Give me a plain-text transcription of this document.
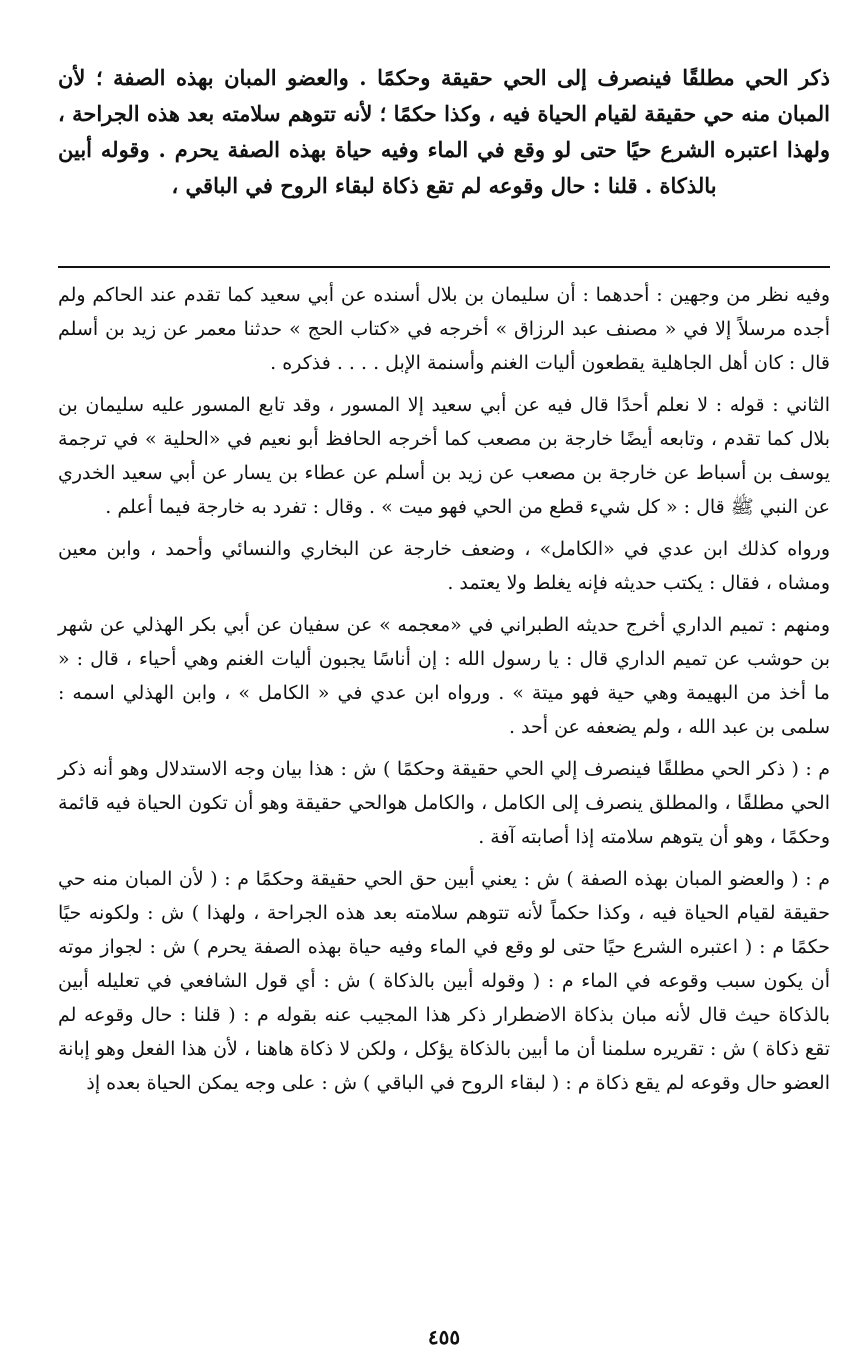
ذكر الحي مطلقًا فينصرف إلى الحي حقيقة وحكمًا . والعضو المبان بهذه الصفة ؛ لأن المبان منه حي حقيقة لقيام الحياة فيه ، وكذا حكمًا ؛ لأنه تتوهم سلامته بعد هذه الجراحة ، ولهذا اعتبره الشرع حيًا حتى لو وقع في الماء وفيه حياة بهذه الصفة يحرم . وقوله أبين بالذكاة . قلنا : حال وقوعه لم تقع ذكاة لبقاء الروح في الباقي ،

وفيه نظر من وجهين : أحدهما : أن سليمان بن بلال أسنده عن أبي سعيد كما تقدم عند الحاكم ولم أجده مرسلاً إلا في « مصنف عبد الرزاق » أخرجه في «كتاب الحج » حدثنا معمر عن زيد بن أسلم قال : كان أهل الجاهلية يقطعون أليات الغنم وأسنمة الإبل . . . . فذكره .

الثاني : قوله : لا نعلم أحدًا قال فيه عن أبي سعيد إلا المسور ، وقد تابع المسور عليه سليمان بن بلال كما تقدم ، وتابعه أيضًا خارجة بن مصعب كما أخرجه الحافظ أبو نعيم في «الحلية » في ترجمة يوسف بن أسباط عن خارجة بن مصعب عن زيد بن أسلم عن عطاء بن يسار عن أبي سعيد الخدري عن النبي ﷺ قال : « كل شيء قطع من الحي فهو ميت » . وقال : تفرد به خارجة فيما أعلم .

ورواه كذلك ابن عدي في «الكامل» ، وضعف خارجة عن البخاري والنسائي وأحمد ، وابن معين ومشاه ، فقال : يكتب حديثه فإنه يغلط ولا يعتمد .

ومنهم : تميم الداري أخرج حديثه الطبراني في «معجمه » عن سفيان عن أبي بكر الهذلي عن شهر بن حوشب عن تميم الداري قال : يا رسول الله : إن أناسًا يجبون أليات الغنم وهي أحياء ، قال : « ما أخذ من البهيمة وهي حية فهو ميتة » . ورواه ابن عدي في « الكامل » ، وابن الهذلي اسمه : سلمى بن عبد الله ، ولم يضعفه عن أحد .

م : ( ذكر الحي مطلقًا فينصرف إلي الحي حقيقة وحكمًا ) ش : هذا بيان وجه الاستدلال وهو أنه ذكر الحي مطلقًا ، والمطلق ينصرف إلى الكامل ، والكامل هوالحي حقيقة وهو أن تكون الحياة فيه قائمة وحكمًا ، وهو أن يتوهم سلامته إذا أصابته آفة .

م : ( والعضو المبان بهذه الصفة ) ش : يعني أبين حق الحي حقيقة وحكمًا م : ( لأن المبان منه حي حقيقة لقيام الحياة فيه ، وكذا حكماً لأنه تتوهم سلامته بعد هذه الجراحة ، ولهذا ) ش : ولكونه حيًا حكمًا م : ( اعتبره الشرع حيًا حتى لو وقع في الماء وفيه حياة بهذه الصفة يحرم ) ش : لجواز موته أن يكون سبب وقوعه في الماء م : ( وقوله أبين بالذكاة ) ش : أي قول الشافعي في تعليله أبين بالذكاة حيث قال لأنه مبان بذكاة الاضطرار ذكر هذا المجيب عنه بقوله م : ( قلنا : حال وقوعه لم تقع ذكاة ) ش : تقريره سلمنا أن ما أبين بالذكاة يؤكل ، ولكن لا ذكاة هاهنا ، لأن هذا الفعل وهو إبانة العضو حال وقوعه لم يقع ذكاة م : ( لبقاء الروح في الباقي ) ش : على وجه يمكن الحياة بعده إذ

٤٥٥
